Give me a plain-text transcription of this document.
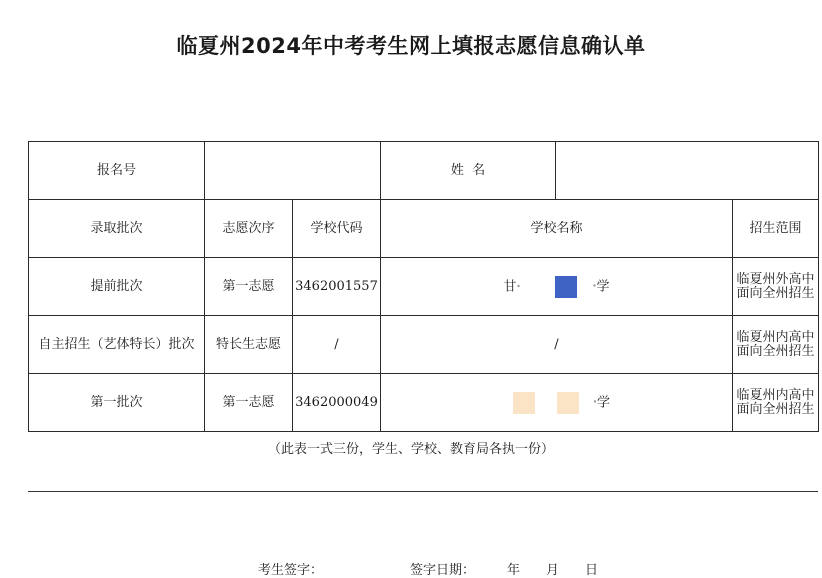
临夏州2024年中考考生网上填报志愿信息确认单
报名号			姓  名		
录取批次	志愿次序	学校代码	学校名称		招生范围
提前批次	第一志愿	3462001557	甘ꞏ ꞏ学		临夏州外高中面向全州招生
自主招生（艺体特长）批次	特长生志愿	/	/		临夏州内高中面向全州招生
第一批次	第一志愿	3462000049	ꞏ学		临夏州内高中面向全州招生
（此表一式三份，学生、学校、教育局各执一份）
考生签字：	签字日期： 年 月 日
